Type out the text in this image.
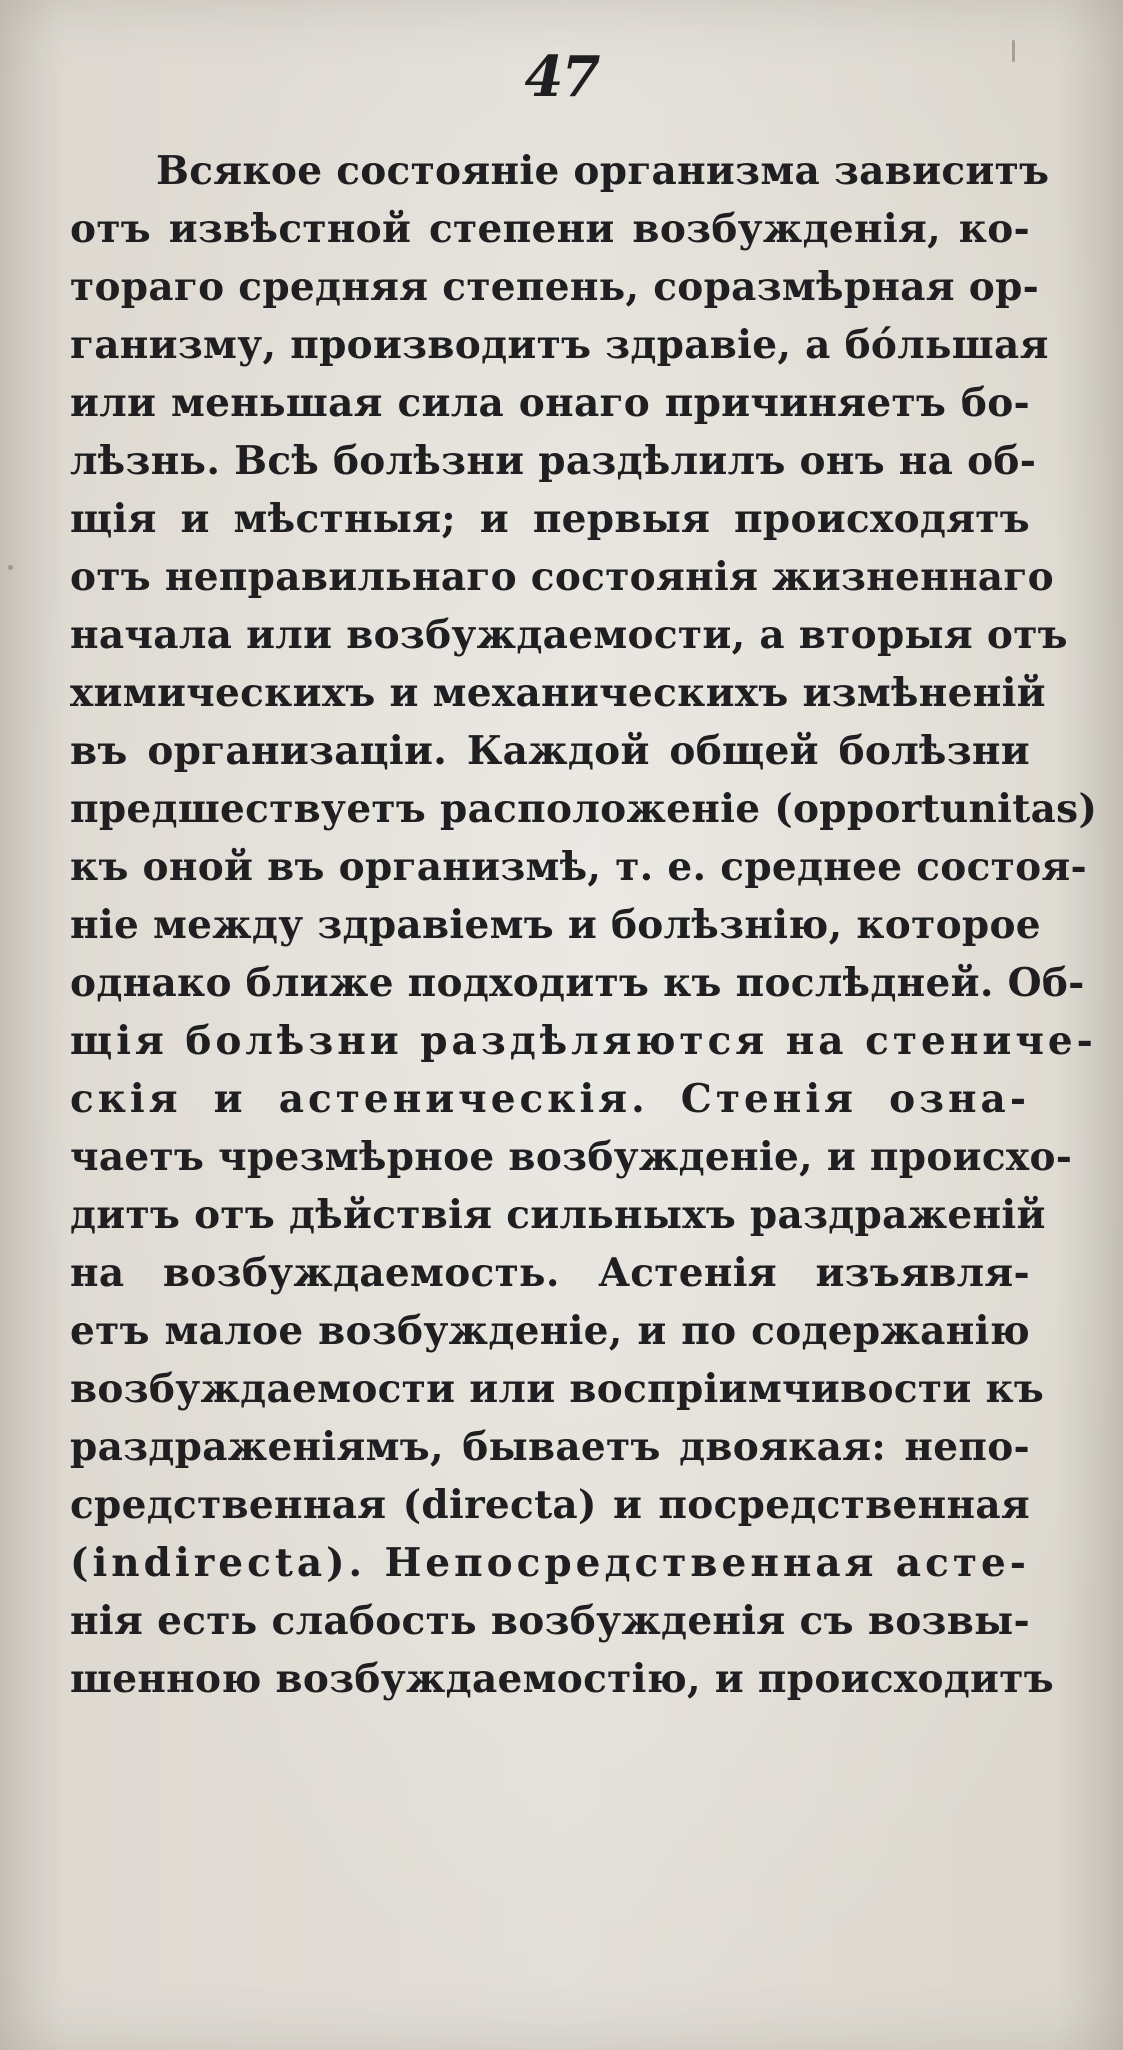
47
Всякое состояніе организма зависитъ
отъ извѣстной степени возбужденія, ко-
тораго средняя степень, соразмѣрная ор-
ганизму, производитъ здравіе, а бо́льшая
или меньшая сила онаго причиняетъ бо-
лѣзнь. Всѣ болѣзни раздѣлилъ онъ на об-
щія и мѣстныя; и первыя происходятъ
отъ неправильнаго состоянія жизненнаго
начала или возбуждаемости, а вторыя отъ
химическихъ и механическихъ измѣненій
въ организаціи. Каждой общей болѣзни
предшествуетъ расположеніе (opportunitas)
къ оной въ организмѣ, т. е. среднее состоя-
ніе между здравіемъ и болѣзнію, которое
однако ближе подходитъ къ послѣдней. Об-
щія болѣзни раздѣляются на стениче-
скія и астеническія. Стенія озна-
чаетъ чрезмѣрное возбужденіе, и происхо-
дитъ отъ дѣйствія сильныхъ раздраженій
на возбуждаемость. Астенія изъявля-
етъ малое возбужденіе, и по содержанію
возбуждаемости или воспріимчивости къ
раздраженіямъ, бываетъ двоякая: непо-
средственная (directa) и посредственная
(indirecta). Непосредственная асте-
нія есть слабость возбужденія съ возвы-
шенною возбуждаемостію, и происходитъ
